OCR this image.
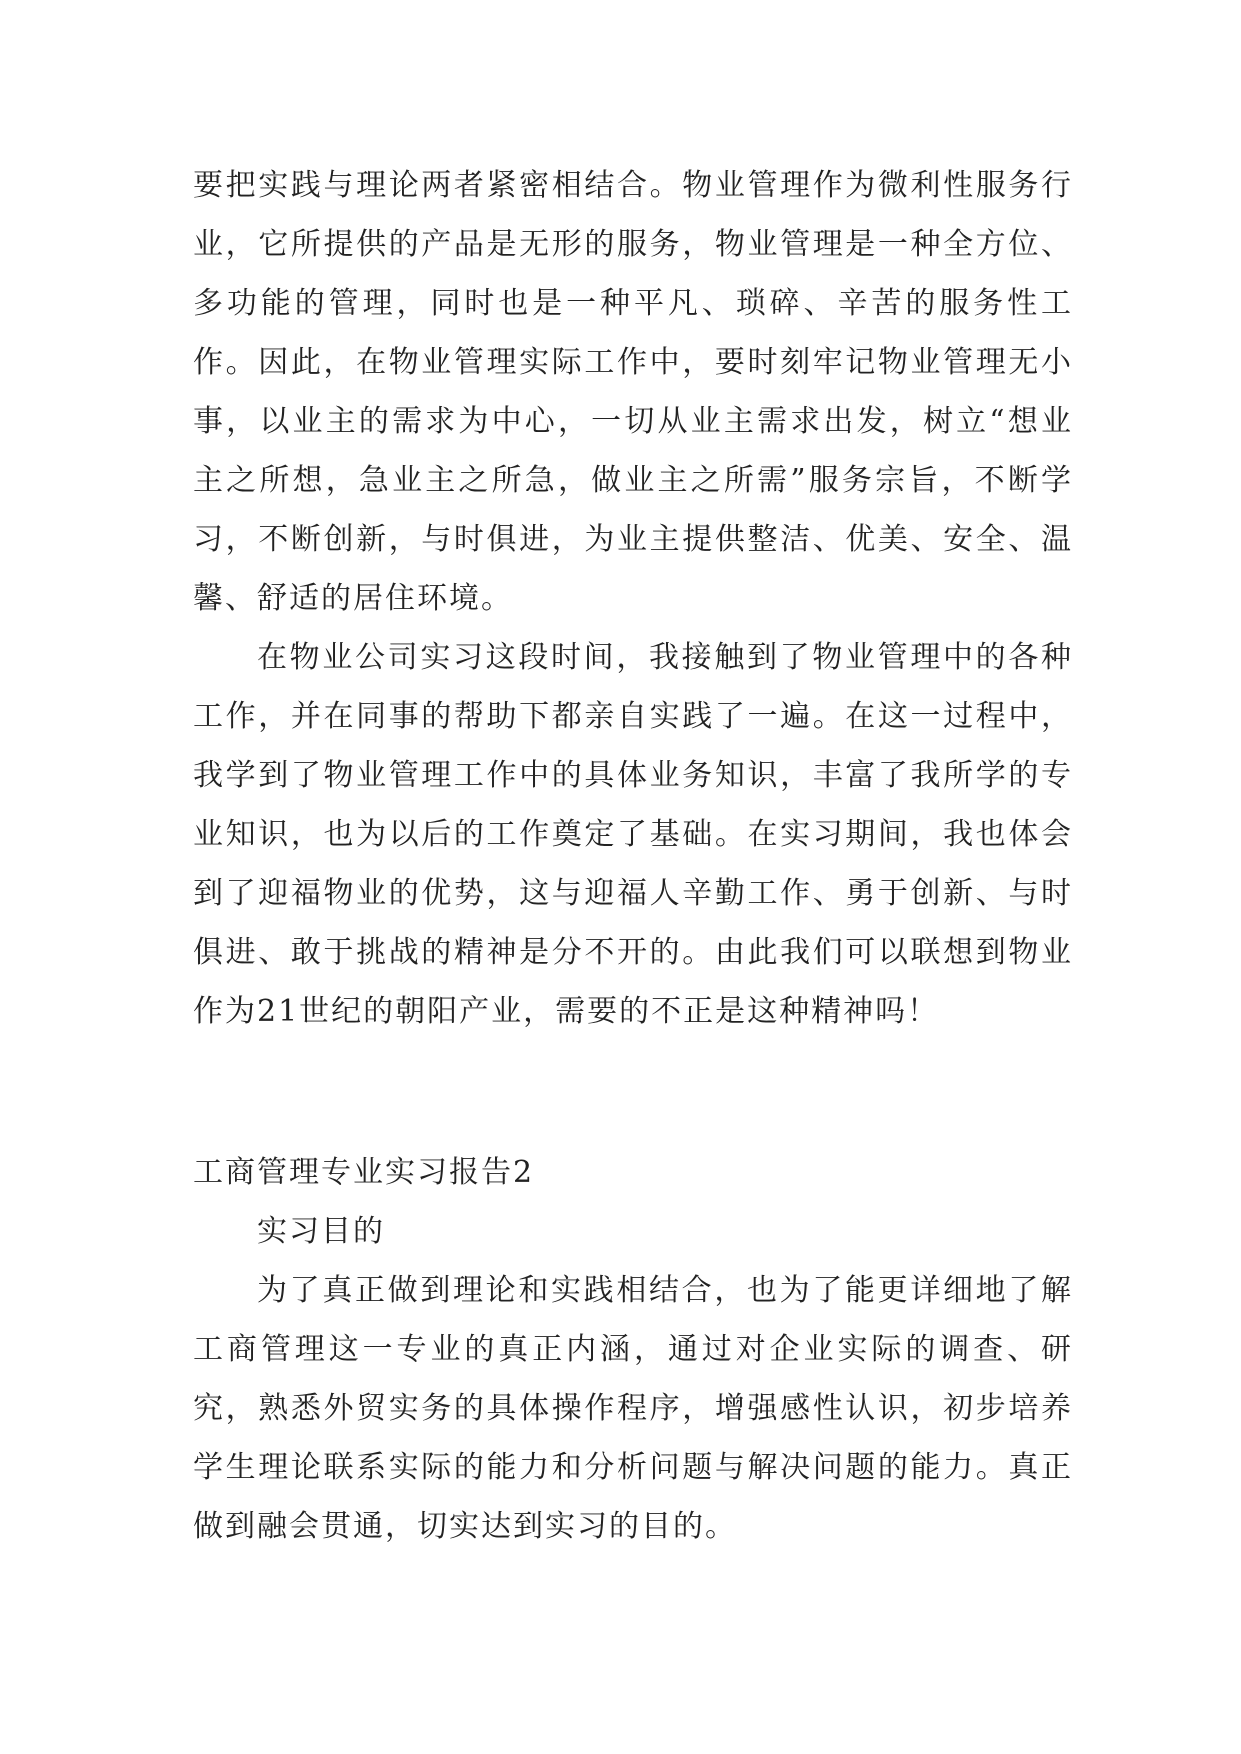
要把实践与理论两者紧密相结合。物业管理作为微利性服务行业，它所提供的产品是无形的服务，物业管理是一种全方位、多功能的管理，同时也是一种平凡、琐碎、辛苦的服务性工作。因此，在物业管理实际工作中，要时刻牢记物业管理无小事，以业主的需求为中心，一切从业主需求出发，树立“想业主之所想，急业主之所急，做业主之所需”服务宗旨，不断学习，不断创新，与时俱进，为业主提供整洁、优美、安全、温馨、舒适的居住环境。

在物业公司实习这段时间，我接触到了物业管理中的各种工作，并在同事的帮助下都亲自实践了一遍。在这一过程中，我学到了物业管理工作中的具体业务知识，丰富了我所学的专业知识，也为以后的工作奠定了基础。在实习期间，我也体会到了迎福物业的优势，这与迎福人辛勤工作、勇于创新、与时俱进、敢于挑战的精神是分不开的。由此我们可以联想到物业作为21世纪的朝阳产业，需要的不正是这种精神吗！

工商管理专业实习报告2

实习目的

为了真正做到理论和实践相结合，也为了能更详细地了解工商管理这一专业的真正内涵，通过对企业实际的调查、研究，熟悉外贸实务的具体操作程序，增强感性认识，初步培养学生理论联系实际的能力和分析问题与解决问题的能力。真正做到融会贯通，切实达到实习的目的。
